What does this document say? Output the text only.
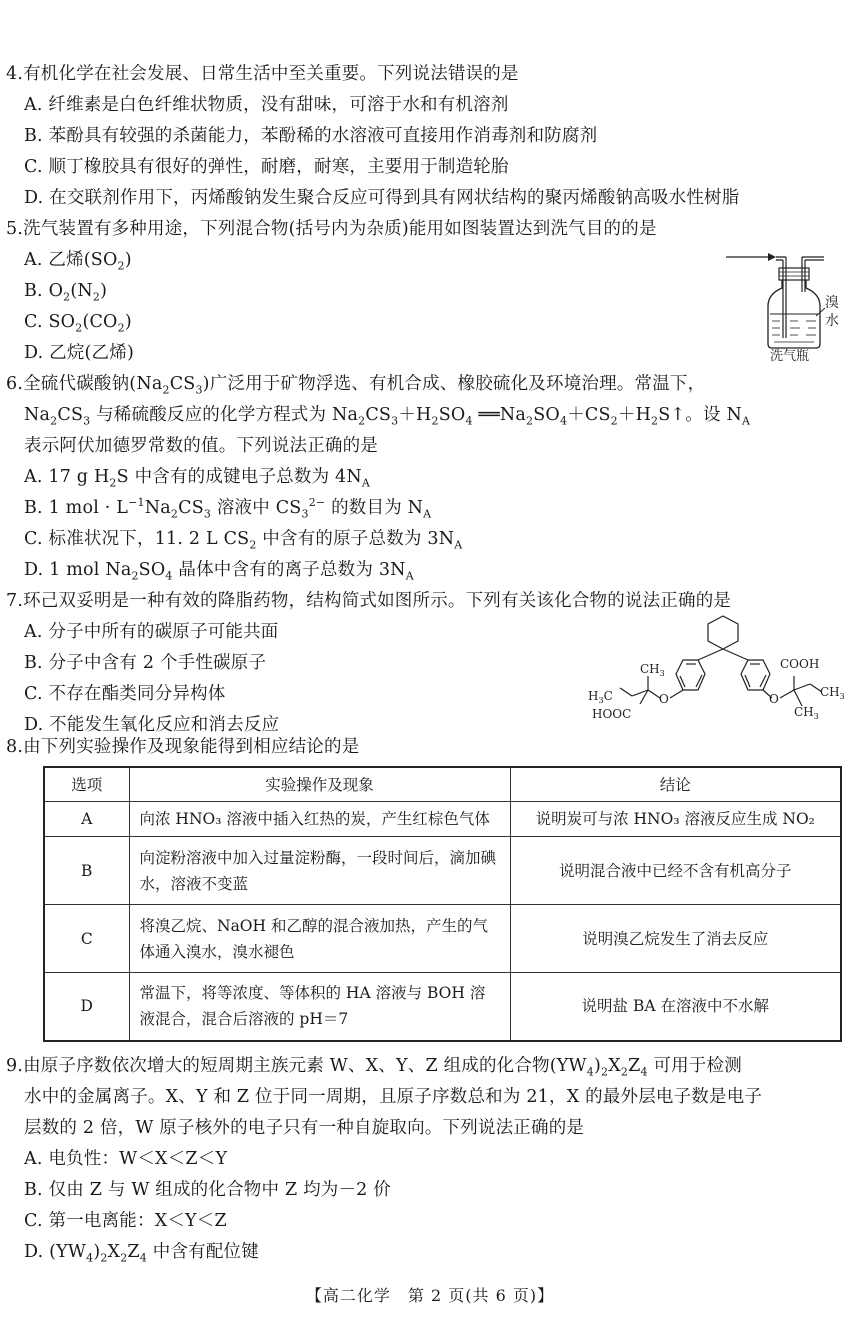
4.有机化学在社会发展、日常生活中至关重要。下列说法错误的是
A. 纤维素是白色纤维状物质，没有甜味，可溶于水和有机溶剂
B. 苯酚具有较强的杀菌能力，苯酚稀的水溶液可直接用作消毒剂和防腐剂
C. 顺丁橡胶具有很好的弹性，耐磨，耐寒，主要用于制造轮胎
D. 在交联剂作用下，丙烯酸钠发生聚合反应可得到具有网状结构的聚丙烯酸钠高吸水性树脂
5.洗气装置有多种用途，下列混合物(括号内为杂质)能用如图装置达到洗气目的的是
A. 乙烯$(SO_2)$
B. $O_2(N_2)$
C. $SO_2(CO_2)$
D. 乙烷(乙烯)
溴
水
洗气瓶
6.全硫代碳酸钠$(Na_2CS_3)$广泛用于矿物浮选、有机合成、橡胶硫化及环境治理。常温下，
$Na_2CS_3$ 与稀硫酸反应的化学方程式为 $Na_2CS_3+H_2SO_4$ $══Na_2SO_4+CS_2+H_2S↑$。设 $N_A$
表示阿伏加德罗常数的值。下列说法正确的是
A. 17 g $H_2S$ 中含有的成键电子总数为 $4N_A$
B. 1 mol · $L^{-1}Na_2CS_3$ 溶液中 $CS_3^{2-}$ 的数目为 $N_A$
C. 标准状况下，11. 2 L $CS_2$ 中含有的原子总数为 $3N_A$
D. 1 mol $Na_2SO_4$ 晶体中含有的离子总数为 $3N_A$
7.环己双妥明是一种有效的降脂药物，结构简式如图所示。下列有关该化合物的说法正确的是
A. 分子中所有的碳原子可能共面
B. 分子中含有 2 个手性碳原子
C. 不存在酯类同分异构体
D. 不能发生氧化反应和消去反应
$CH_3$
$H_3C$
HOOC
O	O
COOH
$CH_3$
$CH_3$
8.由下列实验操作及现象能得到相应结论的是
选项	实验操作及现象	结论
A	向浓 HNO₃ 溶液中插入红热的炭，产生红棕色气体	说明炭可与浓 HNO₃ 溶液反应生成 NO₂
B	向淀粉溶液中加入过量淀粉酶，一段时间后，滴加碘水，溶液不变蓝	说明混合液中已经不含有机高分子
C	将溴乙烷、NaOH 和乙醇的混合液加热，产生的气体通入溴水，溴水褪色	说明溴乙烷发生了消去反应
D	常温下，将等浓度、等体积的 HA 溶液与 BOH 溶液混合，混合后溶液的 pH＝7	说明盐 BA 在溶液中不水解
9.由原子序数依次增大的短周期主族元素 W、X、Y、Z 组成的化合物$(YW_4)_2X_2Z_4$ 可用于检测
水中的金属离子。X、Y 和 Z 位于同一周期，且原子序数总和为 21，X 的最外层电子数是电子
层数的 2 倍，W 原子核外的电子只有一种自旋取向。下列说法正确的是
A. 电负性：W＜X＜Z＜Y
B. 仅由 Z 与 W 组成的化合物中 Z 均为－2 价
C. 第一电离能：X＜Y＜Z
D. $(YW_4)_2X_2Z_4$ 中含有配位键
【高二化学　第 2 页(共 6 页)】
